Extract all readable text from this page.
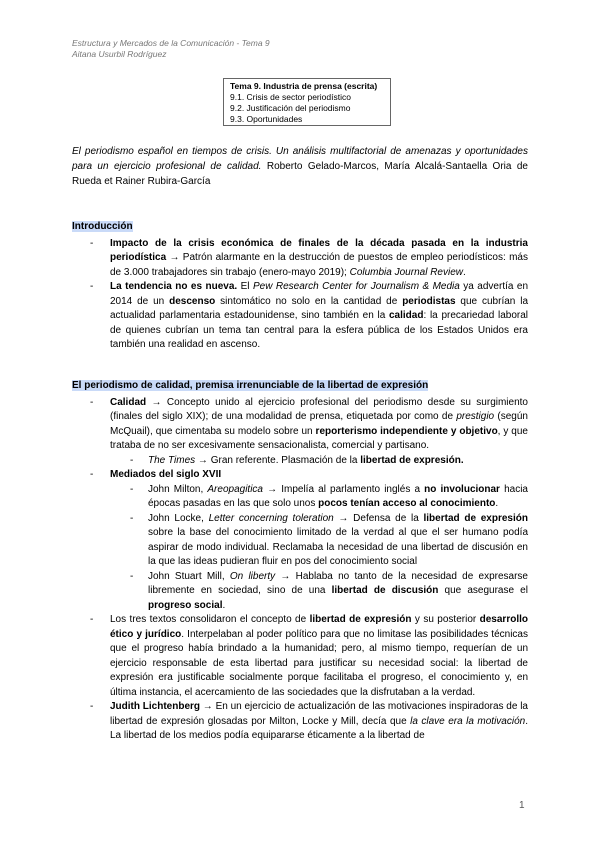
Estructura y Mercados de la Comunicación - Tema 9
Aitana Usurbil Rodríguez
Tema 9. Industria de prensa (escrita)
9.1. Crisis de sector periodístico
9.2. Justificación del periodismo
9.3. Oportunidades
El periodismo español en tiempos de crisis. Un análisis multifactorial de amenazas y oportunidades para un ejercicio profesional de calidad. Roberto Gelado-Marcos, María Alcalá-Santaella Oria de Rueda et Rainer Rubira-García
Introducción
- Impacto de la crisis económica de finales de la década pasada en la industria periodística → Patrón alarmante en la destrucción de puestos de empleo periodísticos: más de 3.000 trabajadores sin trabajo (enero-mayo 2019); Columbia Journal Review.
- La tendencia no es nueva. El Pew Research Center for Journalism & Media ya advertía en 2014 de un descenso sintomático no solo en la cantidad de periodistas que cubrían la actualidad parlamentaria estadounidense, sino también en la calidad: la precariedad laboral de quienes cubrían un tema tan central para la esfera pública de los Estados Unidos era también una realidad en ascenso.
El periodismo de calidad, premisa irrenunciable de la libertad de expresión
- Calidad → Concepto unido al ejercicio profesional del periodismo desde su surgimiento (finales del siglo XIX); de una modalidad de prensa, etiquetada por como de prestigio (según McQuail), que cimentaba su modelo sobre un reporterismo independiente y objetivo, y que trataba de no ser excesivamente sensacionalista, comercial y partisano.
- The Times → Gran referente. Plasmación de la libertad de expresión.
- Mediados del siglo XVII
- John Milton, Areopagitica → Impelía al parlamento inglés a no involucionar hacia épocas pasadas en las que solo unos pocos tenían acceso al conocimiento.
- John Locke, Letter concerning toleration → Defensa de la libertad de expresión sobre la base del conocimiento limitado de la verdad al que el ser humano podía aspirar de modo individual. Reclamaba la necesidad de una libertad de discusión en la que las ideas pudieran fluir en pos del conocimiento social
- John Stuart Mill, On liberty → Hablaba no tanto de la necesidad de expresarse libremente en sociedad, sino de una libertad de discusión que asegurase el progreso social.
- Los tres textos consolidaron el concepto de libertad de expresión y su posterior desarrollo ético y jurídico. Interpelaban al poder político para que no limitase las posibilidades técnicas que el progreso había brindado a la humanidad; pero, al mismo tiempo, requerían de un ejercicio responsable de esta libertad para justificar su necesidad social: la libertad de expresión era justificable socialmente porque facilitaba el progreso, el conocimiento y, en última instancia, el acercamiento de las sociedades que la disfrutaban a la verdad.
- Judith Lichtenberg → En un ejercicio de actualización de las motivaciones inspiradoras de la libertad de expresión glosadas por Milton, Locke y Mill, decía que la clave era la motivación. La libertad de los medios podía equipararse éticamente a la libertad de
1
